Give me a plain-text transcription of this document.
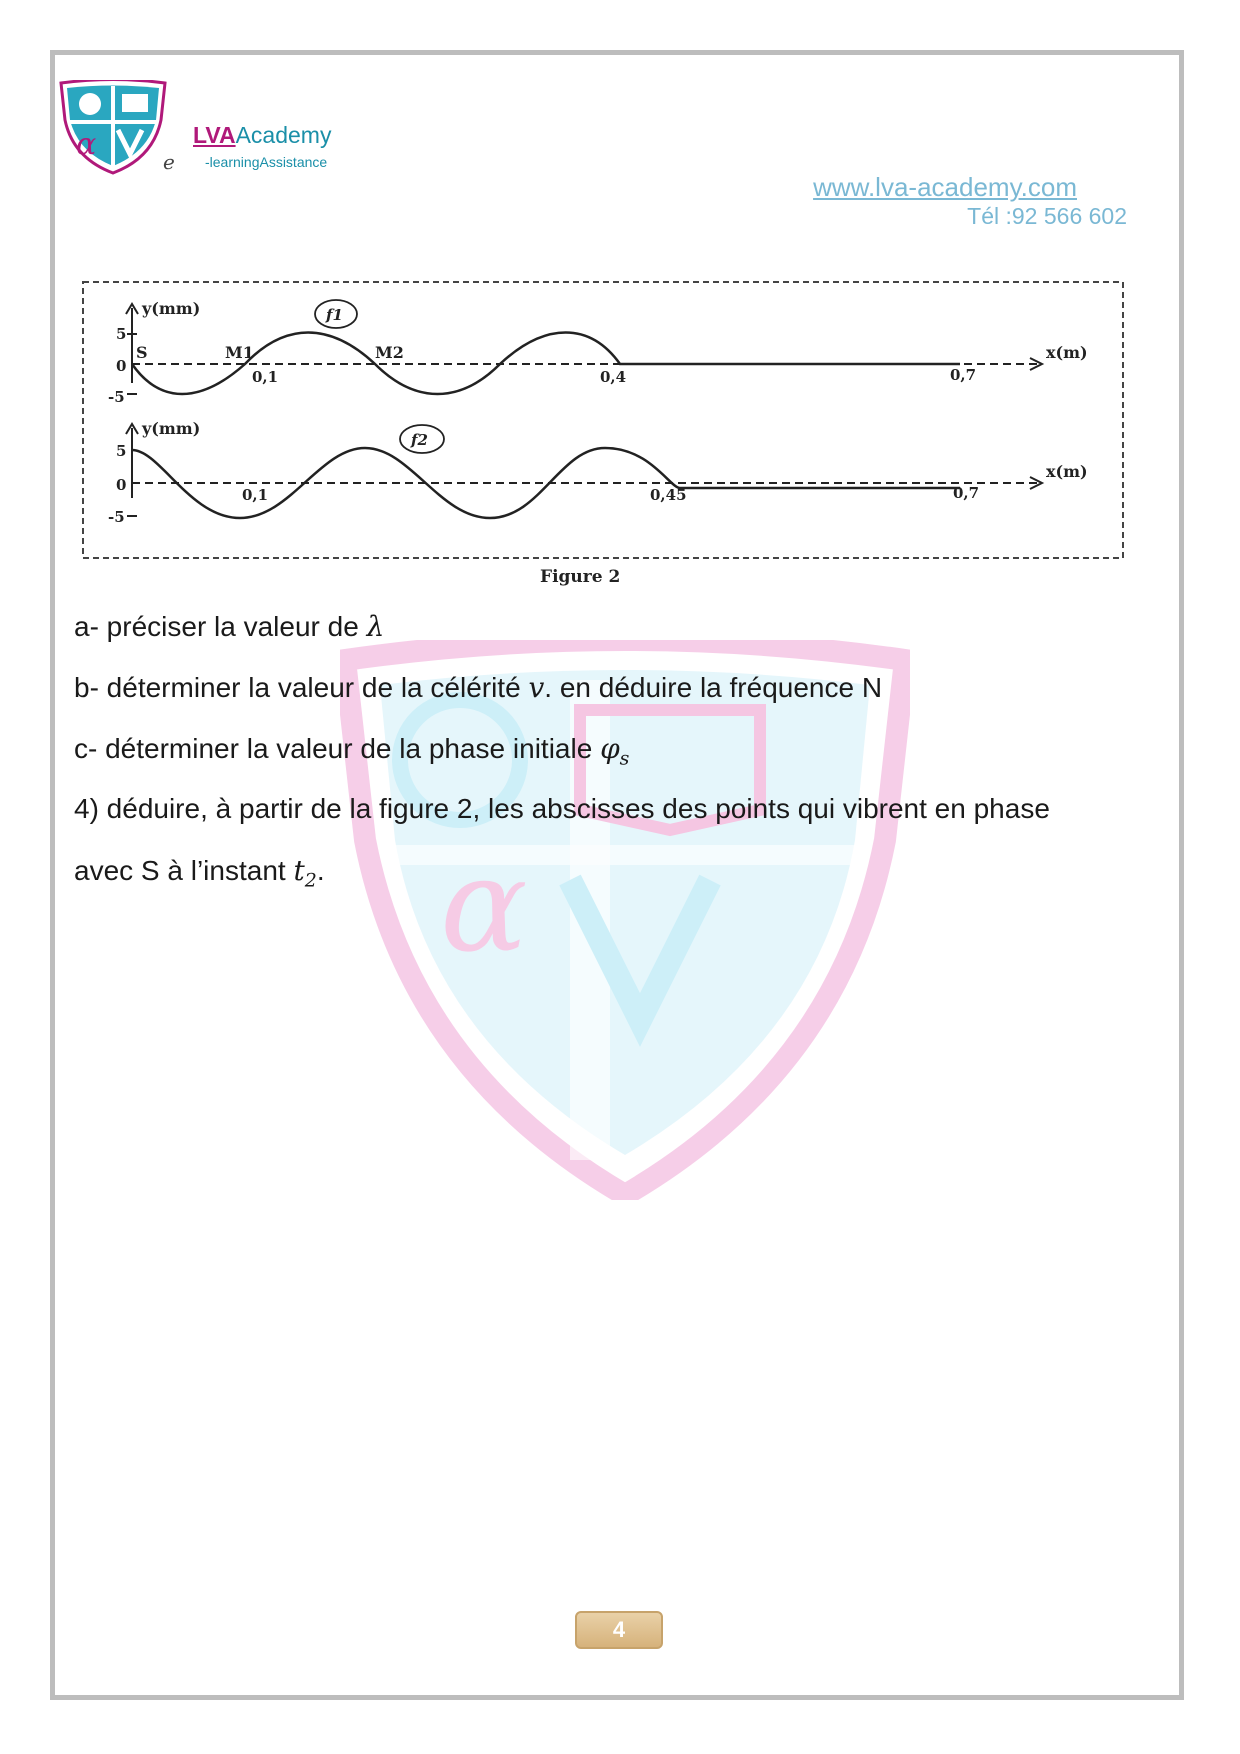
α
α	e
LVAAcademy
-learningAssistance
www.lva-academy.com
Tél :92 566 602
y(mm)
5
0
-5
x(m)
0,1	0,4	0,7
S	M1	M2
f1
y(mm)
5
0
-5
x(m)
0,1	0,45	0,7
f2
Figure 2
a- préciser la valeur de λ
b- déterminer la valeur de la célérité v. en déduire la fréquence N
c- déterminer la valeur de la phase initiale $\varphi_s$
4) déduire, à partir de la figure 2, les abscisses des points qui vibrent en phase
avec S à l’instant $t_2$.
4
